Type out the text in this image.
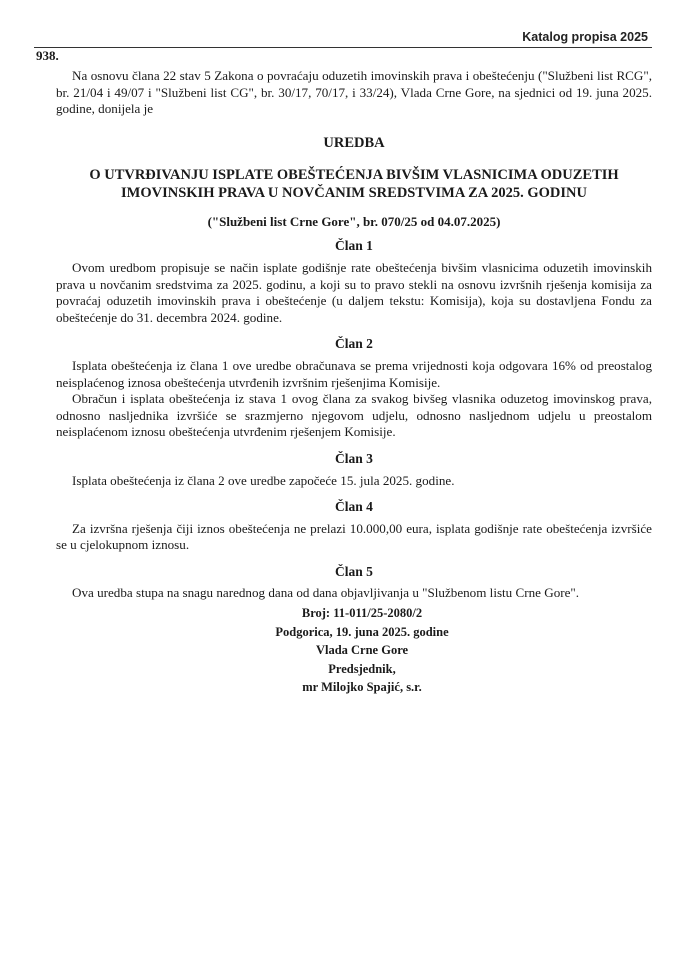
Katalog propisa 2025
938.

Na osnovu člana 22 stav 5 Zakona o povraćaju oduzetih imovinskih prava i obeštećenju ("Službeni list RCG", br. 21/04 i 49/07 i "Službeni list CG", br. 30/17, 70/17, i 33/24), Vlada Crne Gore, na sjednici od 19. juna 2025. godine, donijela je

UREDBA
O UTVRĐIVANJU ISPLATE OBEŠTEĆENJA BIVŠIM VLASNICIMA ODUZETIH IMOVINSKIH PRAVA U NOVČANIM SREDSTVIMA ZA 2025. GODINU
("Službeni list Crne Gore", br. 070/25 od 04.07.2025)
Član 1

Ovom uredbom propisuje se način isplate godišnje rate obeštećenja bivšim vlasnicima oduzetih imovinskih prava u novčanim sredstvima za 2025. godinu, a koji su to pravo stekli na osnovu izvršnih rješenja komisija za povraćaj oduzetih imovinskih prava i obeštećenje (u daljem tekstu: Komisija), koja su dostavljena Fondu za obeštećenje do 31. decembra 2024. godine.

Član 2

Isplata obeštećenja iz člana 1 ove uredbe obračunava se prema vrijednosti koja odgovara 16% od preostalog neisplaćenog iznosa obeštećenja utvrđenih izvršnim rješenjima Komisije.

Obračun i isplata obeštećenja iz stava 1 ovog člana za svakog bivšeg vlasnika oduzetog imovinskog prava, odnosno nasljednika izvršiće se srazmjerno njegovom udjelu, odnosno nasljednom udjelu u preostalom neisplaćenom iznosu obeštećenja utvrđenim rješenjem Komisije.

Član 3

Isplata obeštećenja iz člana 2 ove uredbe započeće 15. jula 2025. godine.

Član 4

Za izvršna rješenja čiji iznos obeštećenja ne prelazi 10.000,00 eura, isplata godišnje rate obeštećenja izvršiće se u cjelokupnom iznosu.

Član 5

Ova uredba stupa na snagu narednog dana od dana objavljivanja u "Službenom listu Crne Gore".

Broj: 11-011/25-2080/2
Podgorica, 19. juna 2025. godine
Vlada Crne Gore
Predsjednik,
mr Milojko Spajić, s.r.
